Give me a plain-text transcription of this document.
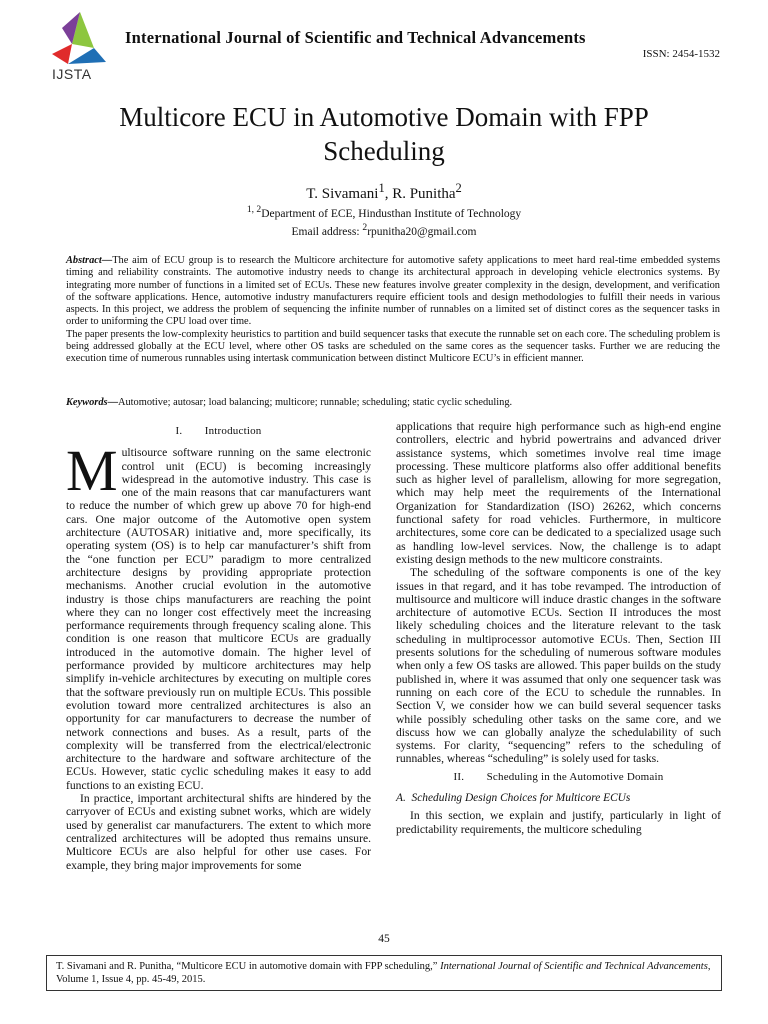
IJSTA
International Journal of Scientific and Technical Advancements
ISSN: 2454-1532
Multicore ECU in Automotive Domain with FPP
Scheduling
T. Sivamani$^1$, R. Punitha$^2$
$^{1, 2}$Department of ECE, Hindusthan Institute of Technology
Email address: $^2$rpunitha20@gmail.com

Abstract—The aim of ECU group is to research the Multicore architecture for automotive safety applications to meet hard real-time embedded systems timing and reliability constraints. The automotive industry needs to change its architectural approach in developing vehicle electronics systems. By integrating more number of functions in a limited set of ECUs. These new features involve greater complexity in the design, development, and verification of the software applications. Hence, automotive industry manufacturers require efficient tools and design methodologies to fulfill their needs in various aspects. In this project, we address the problem of sequencing the infinite number of runnables on a limited set of distinct cores as the sequencer tasks in order to uniforming the CPU load over time.

The paper presents the low-complexity heuristics to partition and build sequencer tasks that execute the runnable set on each core. The scheduling problem is being addressed globally at the ECU level, where other OS tasks are scheduled on the same cores as the sequencer tasks. Further we are reducing the execution time of numerous runnables using intertask communication between distinct Multicore ECU’s in efficient manner.

Keywords—Automotive; autosar; load balancing; multicore; runnable; scheduling; static cyclic scheduling.
I.  Introduction

Multisource software running on the same electronic control unit (ECU) is becoming increasingly widespread in the automotive industry. This case is one of the main reasons that car manufacturers want to reduce the number of which grew up above 70 for high-end cars. One major outcome of the Automotive open system architecture (AUTOSAR) initiative and, more specifically, its operating system (OS) is to help car manufacturer’s shift from the “one function per ECU” paradigm to more centralized architecture designs by providing appropriate protection mechanisms. Another crucial evolution in the automotive industry is those chips manufacturers are reaching the point where they can no longer cost effectively meet the increasing performance requirements through frequency scaling alone. This condition is one reason that multicore ECUs are gradually introduced in the automotive domain. The higher level of performance provided by multicore architectures may help simplify in-vehicle architectures by executing on multiple cores that the software previously run on multiple ECUs. This possible evolution toward more centralized architectures is also an opportunity for car manufacturers to decrease the number of network connections and buses. As a result, parts of the complexity will be transferred from the electrical/electronic architecture to the hardware and software architecture of the ECUs. However, static cyclic scheduling makes it easy to add functions to an existing ECU.

In practice, important architectural shifts are hindered by the carryover of ECUs and existing subnet works, which are widely used by generalist car manufacturers. The extent to which more centralized architectures will be adopted thus remains unsure. Multicore ECUs are also helpful for other use cases. For example, they bring major improvements for some

applications that require high performance such as high-end engine controllers, electric and hybrid powertrains and advanced driver assistance systems, which sometimes involve real time image processing. These multicore platforms also offer additional benefits such as higher level of parallelism, allowing for more segregation, which may help meet the requirements of the International Organization for Standardization (ISO) 26262, which concerns functional safety for road vehicles. Furthermore, in multicore architectures, some core can be dedicated to a specialized usage such as handling low-level services. Now, the challenge is to adapt existing design methods to the new multicore constraints.

The scheduling of the software components is one of the key issues in that regard, and it has tobe revamped. The introduction of multisource and multicore will induce drastic changes in the software architecture of automotive ECUs. Section II introduces the most likely scheduling choices and the literature relevant to the task scheduling in multiprocessor automotive ECUs. Then, Section III presents solutions for the scheduling of numerous software modules when only a few OS tasks are allowed. This paper builds on the study published in, where it was assumed that only one sequencer task was running on each core of the ECU to schedule the runnables. In Section V, we consider how we can build several sequencer tasks while possibly scheduling other tasks on the same core, and we discuss how we can globally analyze the schedulability of such systems. For clarity, “sequencing” refers to the scheduling of runnables, whereas “scheduling” is solely used for tasks.

II.  Scheduling in the Automotive Domain
A. Scheduling Design Choices for Multicore ECUs

In this section, we explain and justify, particularly in light of predictability requirements, the multicore scheduling

45
T. Sivamani and R. Punitha, “Multicore ECU in automotive domain with FPP scheduling,” International Journal of Scientific and Technical Advancements, Volume 1, Issue 4, pp. 45-49, 2015.
